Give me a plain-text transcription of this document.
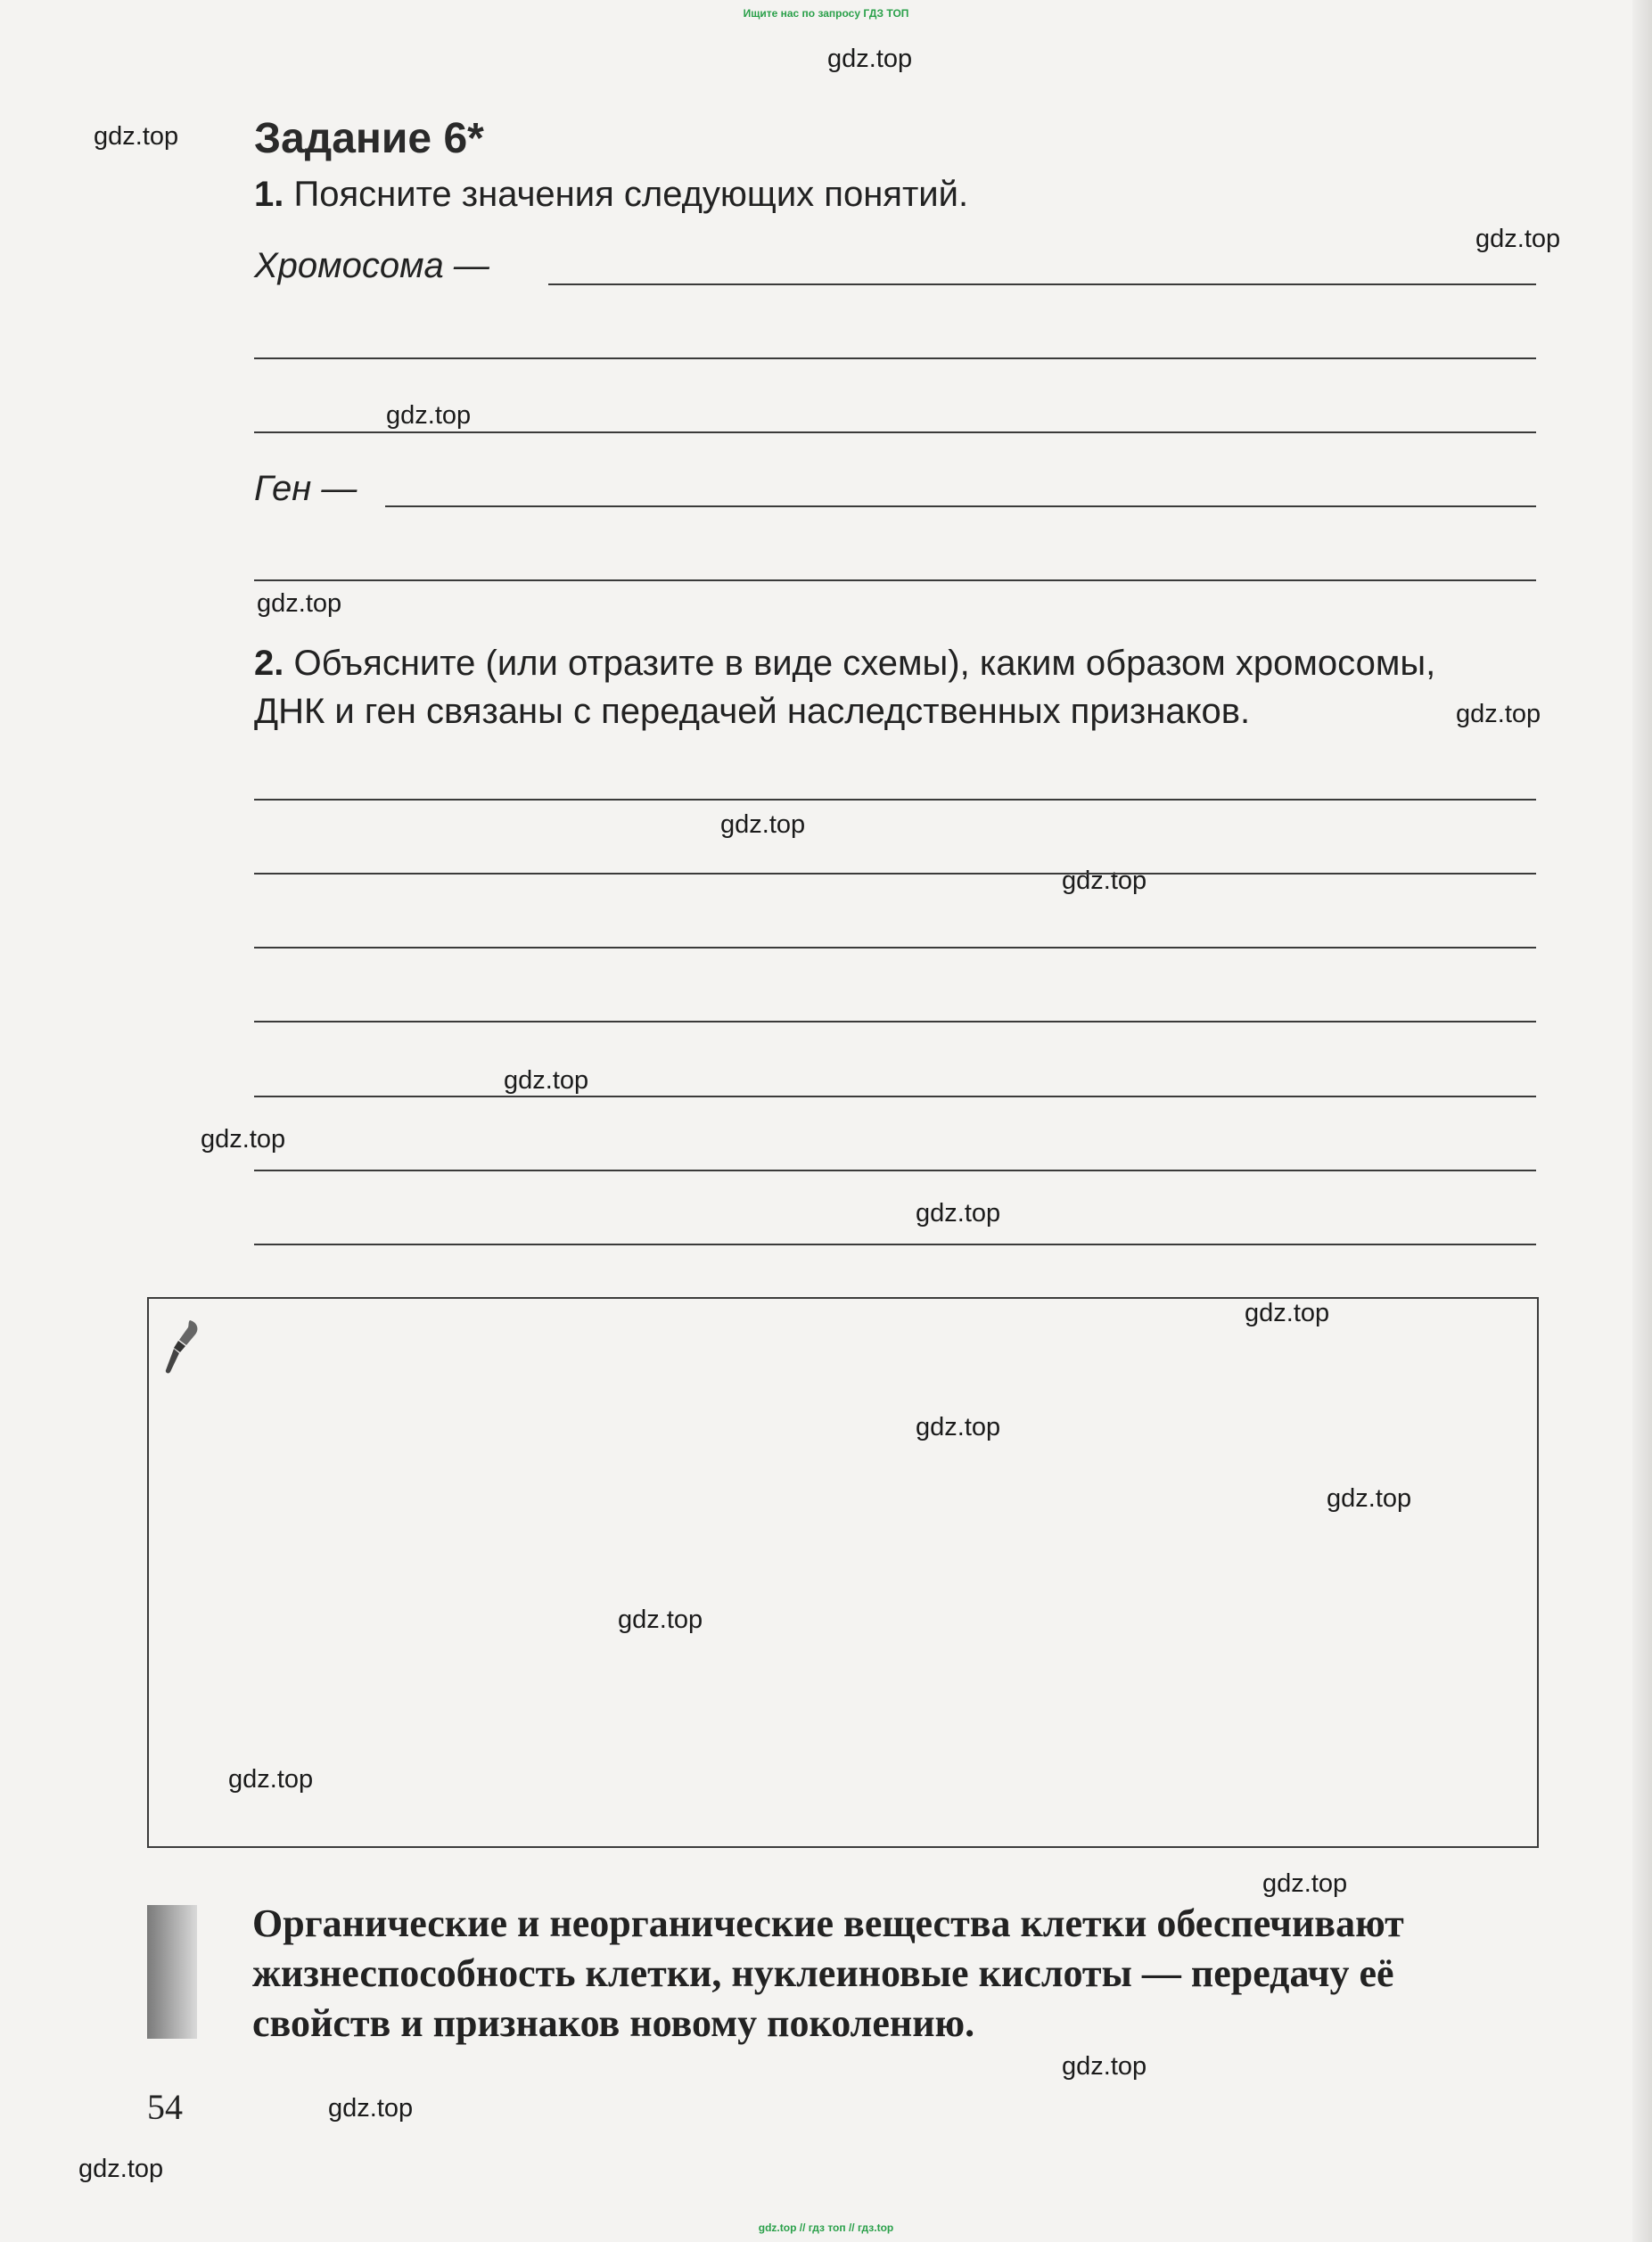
Ищите нас по запросу ГДЗ ТОП
gdz.top
gdz.top
gdz.top
gdz.top
gdz.top
gdz.top
gdz.top
gdz.top
gdz.top
gdz.top
gdz.top
gdz.top
gdz.top
gdz.top
gdz.top
gdz.top
gdz.top
gdz.top
gdz.top
gdz.top
Задание 6*
1. Поясните значения следующих понятий.
Хромосома —
Ген —
2. Объясните (или отразите в виде схемы), каким образом хромосомы,
ДНК и ген связаны с передачей наследственных признаков.

Органические и неорганические вещества клетки обеспечивают жизнеспособность клетки, нуклеиновые кислоты — передачу её свойств и признаков новому поколению.

54
gdz.top // гдз топ // гдз.top
